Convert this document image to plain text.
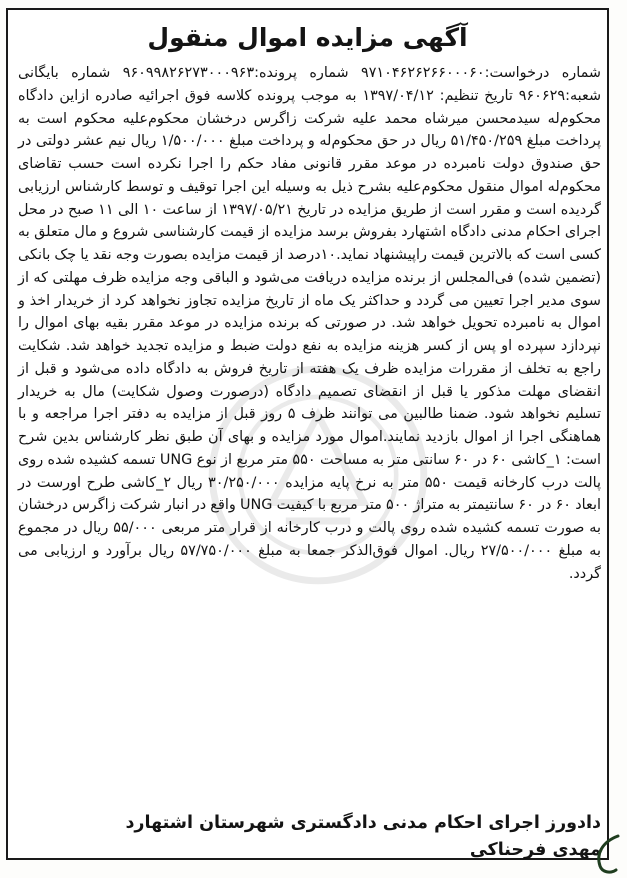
آگهی مزایده اموال منقول

شماره درخواست:۹۷۱۰۴۶۲۶۲۶۶۰۰۰۶۰ شماره پرونده:۹۶۰۹۹۸۲۶۲۷۳۰۰۰۹۶۳ شماره بایگانی شعبه:۹۶۰۶۲۹ تاریخ تنظیم: ۱۳۹۷/۰۴/۱۲ به موجب پرونده کلاسه فوق اجرائیه صادره ازاین دادگاه محکوم‌له سیدمحسن میرشاه محمد علیه شرکت زاگرس درخشان محکوم‌علیه محکوم است به پرداخت مبلغ ۵۱/۴۵۰/۲۵۹ ریال در حق محکوم‌له و پرداخت مبلغ ۱/۵۰۰/۰۰۰ ریال نیم عشر دولتی در حق صندوق دولت نامبرده در موعد مقرر قانونی مفاد حکم را اجرا نکرده است حسب تقاضای محکوم‌له اموال منقول محکوم‌علیه بشرح ذیل به وسیله این اجرا توقیف و توسط کارشناس ارزیابی گردیده است و مقرر است از طریق مزایده در تاریخ ۱۳۹۷/۰۵/۲۱ از ساعت ۱۰ الی ۱۱ صبح در محل اجرای احکام مدنی دادگاه اشتهارد بفروش برسد مزایده از قیمت کارشناسی شروع و مال متعلق به کسی است که بالاترین قیمت راپیشنهاد نماید.۱۰درصد از قیمت مزایده بصورت وجه نقد یا چک بانکی (تضمین شده) فی‌المجلس از برنده مزایده دریافت می‌شود و الباقی وجه مزایده ظرف مهلتی که از سوی مدیر اجرا تعیین می گردد و حداکثر یک ماه از تاریخ مزایده تجاوز نخواهد کرد از خریدار اخذ و اموال به نامبرده تحویل خواهد شد. در صورتی که برنده مزایده در موعد مقرر بقیه بهای اموال را نپردازد سپرده او پس از کسر هزینه مزایده به نفع دولت ضبط و مزایده تجدید خواهد شد. شکایت راجع به تخلف از مقررات مزایده ظرف یک هفته از تاریخ فروش به دادگاه داده می‌شود و قبل از انقضای مهلت مذکور یا قبل از انقضای تصمیم دادگاه (درصورت وصول شکایت) مال به خریدار تسلیم نخواهد شود. ضمنا طالبین می توانند ظرف ۵ روز قبل از مزایده به دفتر اجرا مراجعه و با هماهنگی اجرا از اموال بازدید نمایند.اموال مورد مزایده و بهای آن طبق نظر کارشناس بدین شرح است: ۱_کاشی ۶۰ در ۶۰ سانتی متر به مساحت ۵۵۰ متر مربع از نوع UNG تسمه کشیده شده روی پالت درب کارخانه قیمت ۵۵۰ متر به نرخ پایه مزایده ۳۰/۲۵۰/۰۰۰ ریال ۲_کاشی طرح اورست در ابعاد ۶۰ در ۶۰ سانتیمتر به متراژ ۵۰۰ متر مربع با کیفیت UNG واقع در انبار شرکت زاگرس درخشان به صورت تسمه کشیده شده روی پالت و درب کارخانه از قرار متر مربعی ۵۵/۰۰۰ ریال در مجموع به مبلغ ۲۷/۵۰۰/۰۰۰ ریال. اموال فوق‌الذکر جمعا به مبلغ ۵۷/۷۵۰/۰۰۰ ریال برآورد و ارزیابی می گردد.

دادورز اجرای احکام مدنی دادگستری شهرستان اشتهارد
مهدی فرحناکی
